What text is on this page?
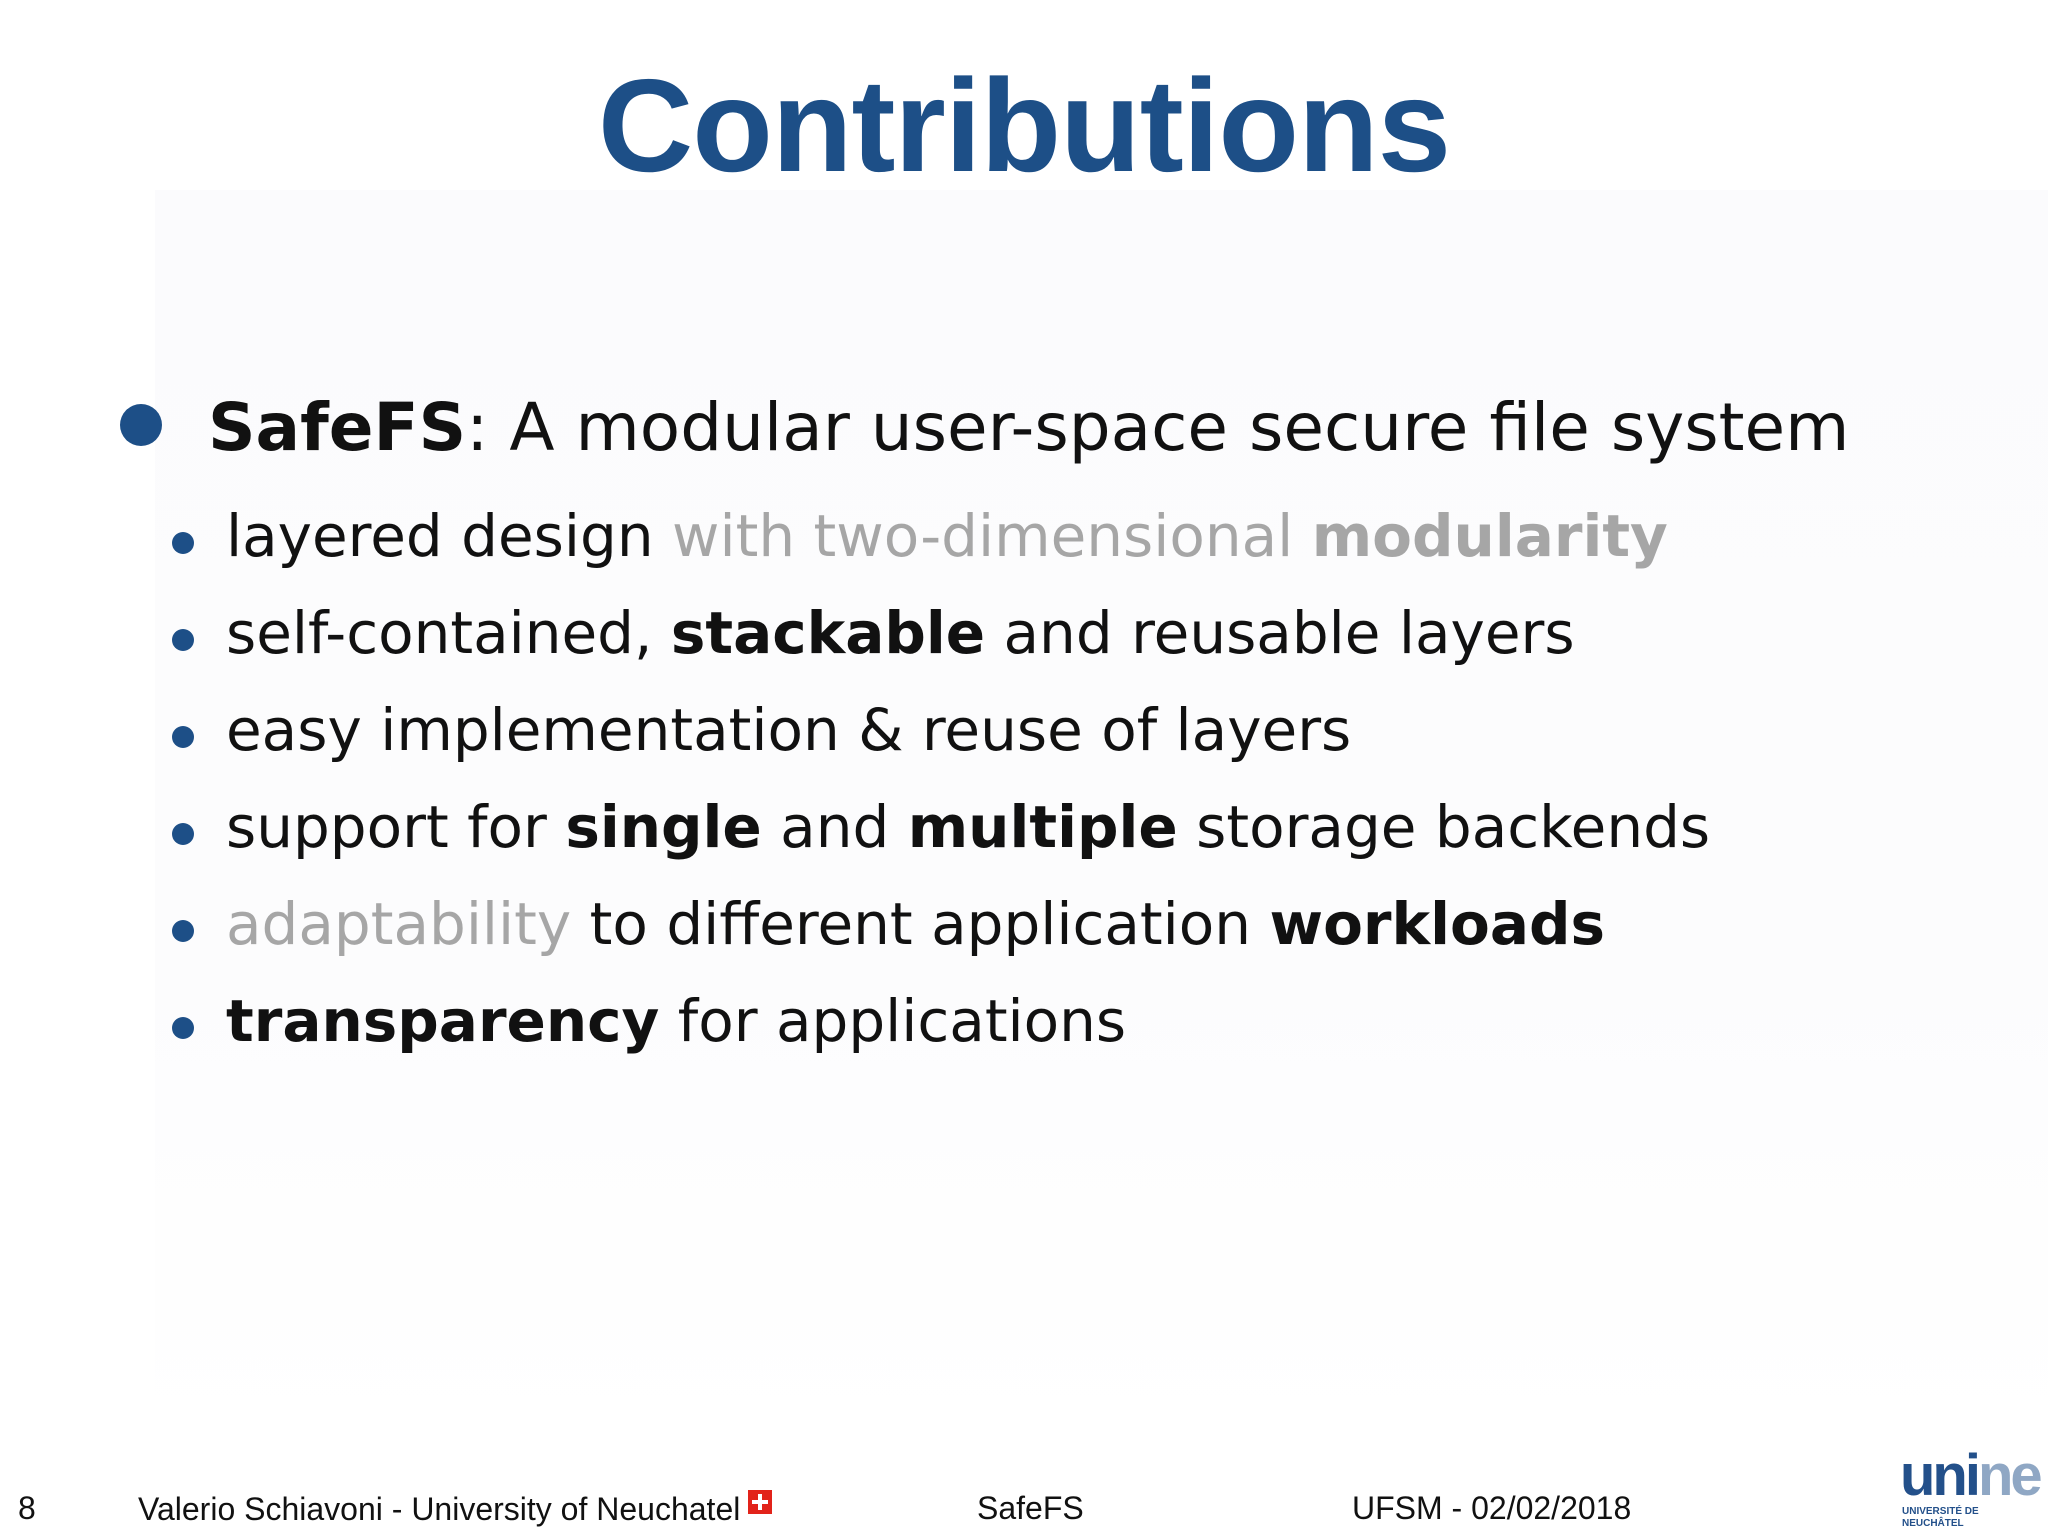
Contributions
SafeFS: A modular user-space secure file system
layered design with two-dimensional modularity
self-contained, stackable and reusable layers
easy implementation & reuse of layers
support for single and multiple storage backends
adaptability to different application workloads
transparency for applications
8	Valerio Schiavoni - University of Neuchatel	SafeFS	UFSM - 02/02/2018	unine
UNIVERSITÉ DE
NEUCHÂTEL
